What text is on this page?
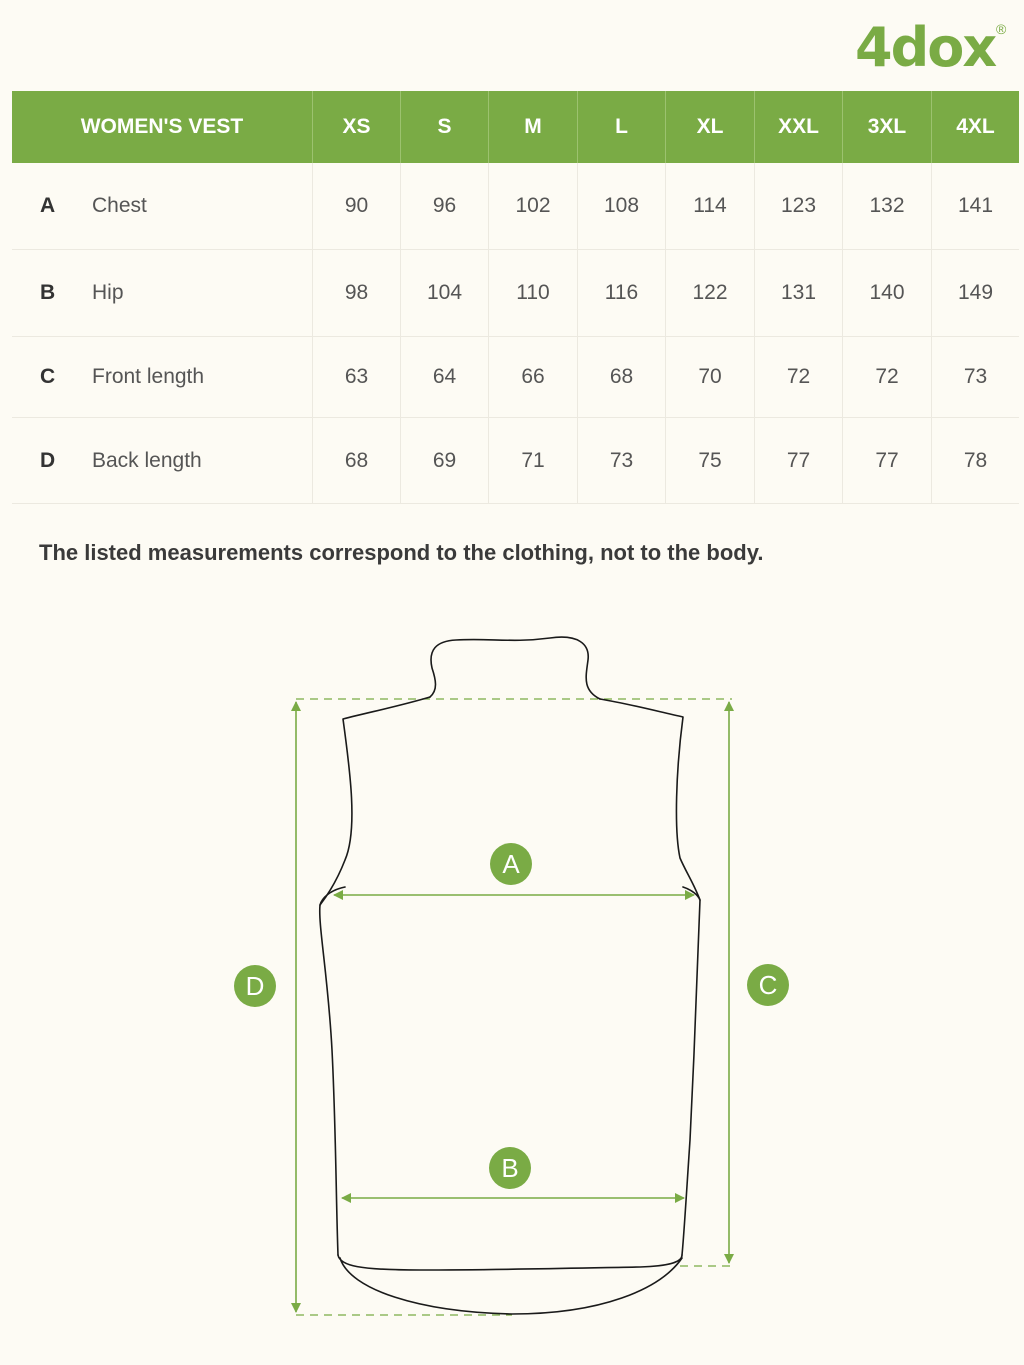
4dox ®
WOMEN'S VEST	XS	S	M	L	XL	XXL	3XL	4XL
A Chest	90	96	102	108	114	123	132	141
B Hip	98	104	110	116	122	131	140	149
C Front length	63	64	66	68	70	72	72	73
D Back length	68	69	71	73	75	77	77	78

The listed measurements correspond to the clothing, not to the body.

A
B
C
D
